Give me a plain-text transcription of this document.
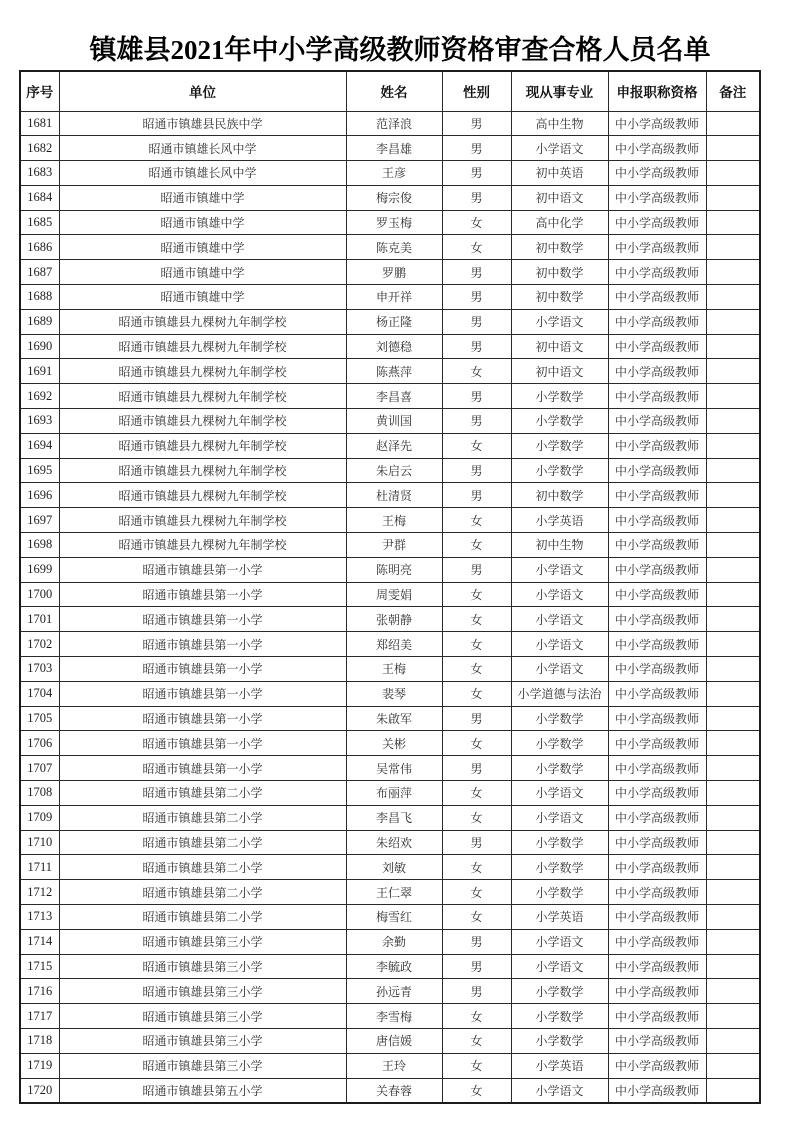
镇雄县2021年中小学高级教师资格审查合格人员名单
序号	单位	姓名	性别	现从事专业	申报职称资格	备注
1681	昭通市镇雄县民族中学	范泽浪	男	高中生物	中小学高级教师	
1682	昭通市镇雄长风中学	李昌雄	男	小学语文	中小学高级教师	
1683	昭通市镇雄长风中学	王彦	男	初中英语	中小学高级教师	
1684	昭通市镇雄中学	梅宗俊	男	初中语文	中小学高级教师	
1685	昭通市镇雄中学	罗玉梅	女	高中化学	中小学高级教师	
1686	昭通市镇雄中学	陈克美	女	初中数学	中小学高级教师	
1687	昭通市镇雄中学	罗鹏	男	初中数学	中小学高级教师	
1688	昭通市镇雄中学	申开祥	男	初中数学	中小学高级教师	
1689	昭通市镇雄县九棵树九年制学校	杨正隆	男	小学语文	中小学高级教师	
1690	昭通市镇雄县九棵树九年制学校	刘德稳	男	初中语文	中小学高级教师	
1691	昭通市镇雄县九棵树九年制学校	陈燕萍	女	初中语文	中小学高级教师	
1692	昭通市镇雄县九棵树九年制学校	李昌喜	男	小学数学	中小学高级教师	
1693	昭通市镇雄县九棵树九年制学校	黄训国	男	小学数学	中小学高级教师	
1694	昭通市镇雄县九棵树九年制学校	赵泽先	女	小学数学	中小学高级教师	
1695	昭通市镇雄县九棵树九年制学校	朱启云	男	小学数学	中小学高级教师	
1696	昭通市镇雄县九棵树九年制学校	杜清贤	男	初中数学	中小学高级教师	
1697	昭通市镇雄县九棵树九年制学校	王梅	女	小学英语	中小学高级教师	
1698	昭通市镇雄县九棵树九年制学校	尹群	女	初中生物	中小学高级教师	
1699	昭通市镇雄县第一小学	陈明亮	男	小学语文	中小学高级教师	
1700	昭通市镇雄县第一小学	周雯娟	女	小学语文	中小学高级教师	
1701	昭通市镇雄县第一小学	张朝静	女	小学语文	中小学高级教师	
1702	昭通市镇雄县第一小学	郑绍美	女	小学语文	中小学高级教师	
1703	昭通市镇雄县第一小学	王梅	女	小学语文	中小学高级教师	
1704	昭通市镇雄县第一小学	裴琴	女	小学道德与法治	中小学高级教师	
1705	昭通市镇雄县第一小学	朱啟军	男	小学数学	中小学高级教师	
1706	昭通市镇雄县第一小学	关彬	女	小学数学	中小学高级教师	
1707	昭通市镇雄县第一小学	吴常伟	男	小学数学	中小学高级教师	
1708	昭通市镇雄县第二小学	布丽萍	女	小学语文	中小学高级教师	
1709	昭通市镇雄县第二小学	李昌飞	女	小学语文	中小学高级教师	
1710	昭通市镇雄县第二小学	朱绍欢	男	小学数学	中小学高级教师	
1711	昭通市镇雄县第二小学	刘敏	女	小学数学	中小学高级教师	
1712	昭通市镇雄县第二小学	王仁翠	女	小学数学	中小学高级教师	
1713	昭通市镇雄县第二小学	梅雪红	女	小学英语	中小学高级教师	
1714	昭通市镇雄县第三小学	余勤	男	小学语文	中小学高级教师	
1715	昭通市镇雄县第三小学	李毓政	男	小学语文	中小学高级教师	
1716	昭通市镇雄县第三小学	孙远青	男	小学数学	中小学高级教师	
1717	昭通市镇雄县第三小学	李雪梅	女	小学数学	中小学高级教师	
1718	昭通市镇雄县第三小学	唐信媛	女	小学数学	中小学高级教师	
1719	昭通市镇雄县第三小学	王玲	女	小学英语	中小学高级教师	
1720	昭通市镇雄县第五小学	关春蓉	女	小学语文	中小学高级教师	
